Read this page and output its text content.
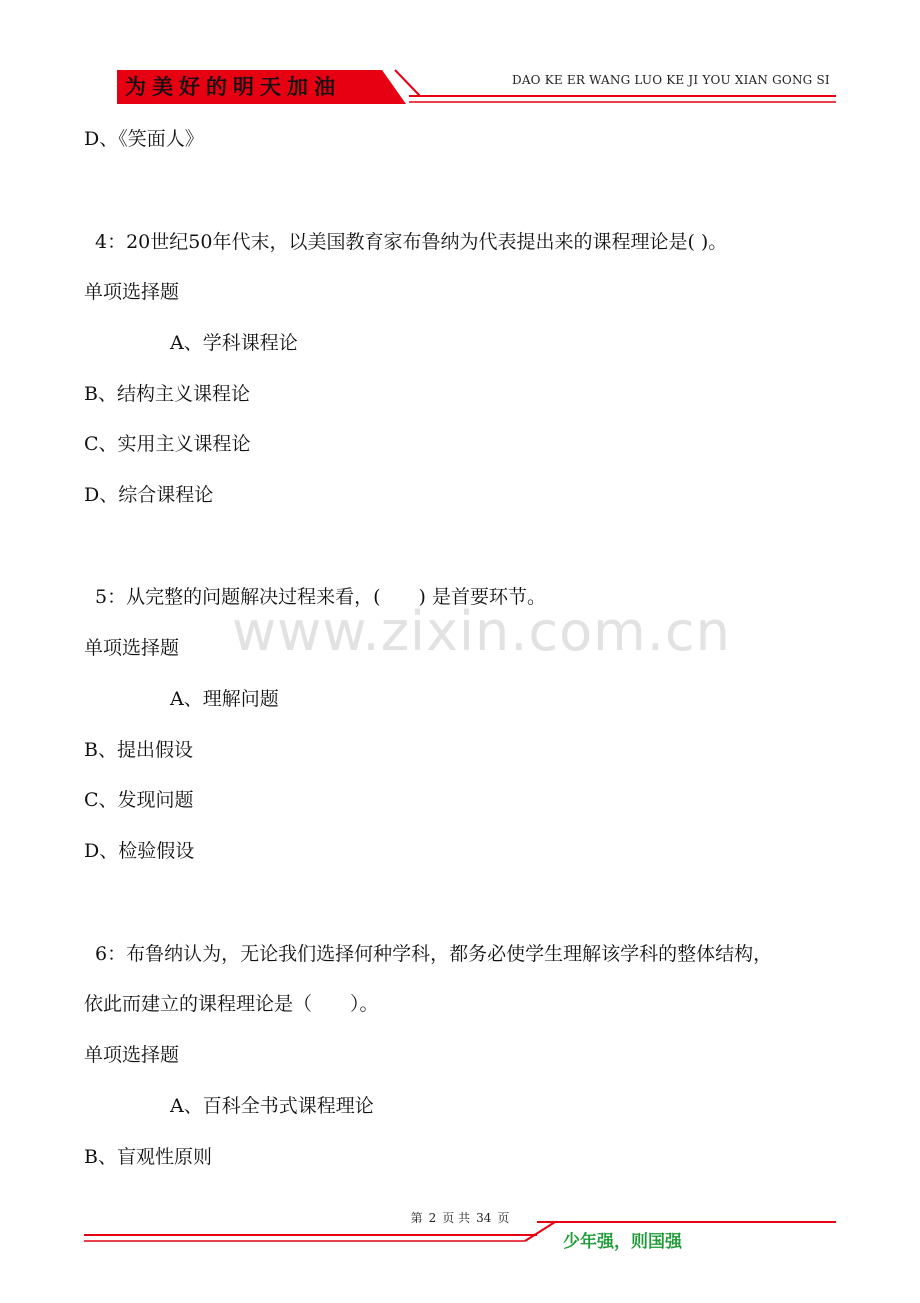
为美好的明天加油	DAO KE ER WANG LUO KE JI YOU XIAN GONG SI
D、《笑面人》
4：20世纪50年代末，以美国教育家布鲁纳为代表提出来的课程理论是( )。
单项选择题
A、学科课程论
B、结构主义课程论
C、实用主义课程论
D、综合课程论
5：从完整的问题解决过程来看，(　　) 是首要环节。
单项选择题
A、理解问题
B、提出假设
C、发现问题
D、检验假设
6：布鲁纳认为，无论我们选择何种学科，都务必使学生理解该学科的整体结构，
依此而建立的课程理论是（　　）。
单项选择题
A、百科全书式课程理论
B、盲观性原则
www.zixin.com.cn
第 2 页 共 34 页
少年强，则国强
